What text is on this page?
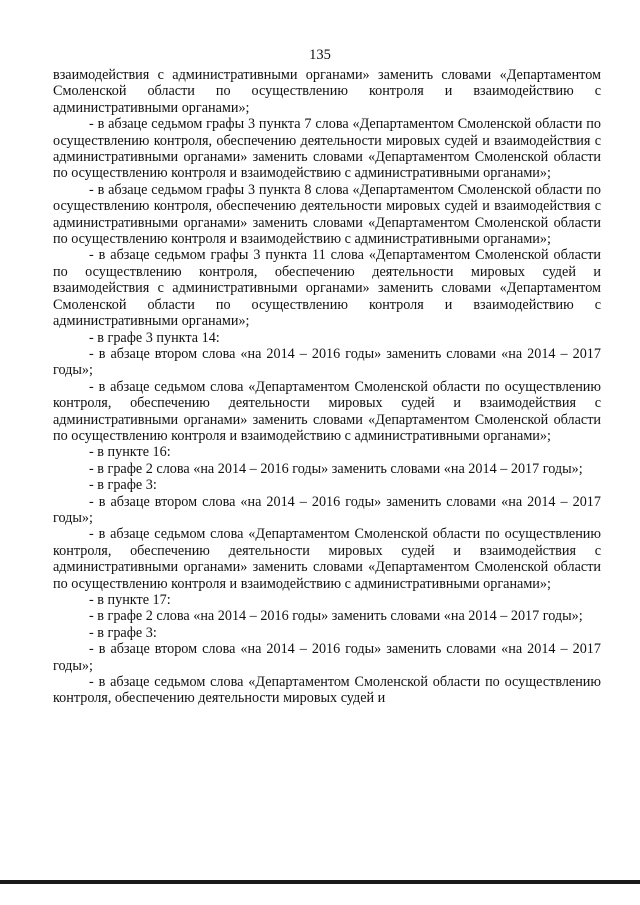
135

взаимодействия с административными органами» заменить словами «Департаментом Смоленской области по осуществлению контроля и взаимодействию с административными органами»;

- в абзаце седьмом графы 3 пункта 7 слова «Департаментом Смоленской области по осуществлению контроля, обеспечению деятельности мировых судей и взаимодействия с административными органами» заменить словами «Департаментом Смоленской области по осуществлению контроля и взаимодействию с административными органами»;

- в абзаце седьмом графы 3 пункта 8 слова «Департаментом Смоленской области по осуществлению контроля, обеспечению деятельности мировых судей и взаимодействия с административными органами» заменить словами «Департаментом Смоленской области по осуществлению контроля и взаимодействию с административными органами»;

- в абзаце седьмом графы 3 пункта 11 слова «Департаментом Смоленской области по осуществлению контроля, обеспечению деятельности мировых судей и взаимодействия с административными органами» заменить словами «Департаментом Смоленской области по осуществлению контроля и взаимодействию с административными органами»;

- в графе 3 пункта 14:

- в абзаце втором слова «на 2014 – 2016 годы» заменить словами «на 2014 – 2017 годы»;

- в абзаце седьмом слова «Департаментом Смоленской области по осуществлению контроля, обеспечению деятельности мировых судей и взаимодействия с административными органами» заменить словами «Департаментом Смоленской области по осуществлению контроля и взаимодействию с административными органами»;

- в пункте 16:

- в графе 2 слова «на 2014 – 2016 годы» заменить словами «на 2014 – 2017 годы»;

- в графе 3:

- в абзаце втором слова «на 2014 – 2016 годы» заменить словами «на 2014 – 2017 годы»;

- в абзаце седьмом слова «Департаментом Смоленской области по осуществлению контроля, обеспечению деятельности мировых судей и взаимодействия с административными органами» заменить словами «Департаментом Смоленской области по осуществлению контроля и взаимодействию с административными органами»;

- в пункте 17:

- в графе 2 слова «на 2014 – 2016 годы» заменить словами «на 2014 – 2017 годы»;

- в графе 3:

- в абзаце втором слова «на 2014 – 2016 годы» заменить словами «на 2014 – 2017 годы»;

- в абзаце седьмом слова «Департаментом Смоленской области по осуществлению контроля, обеспечению деятельности мировых судей и
